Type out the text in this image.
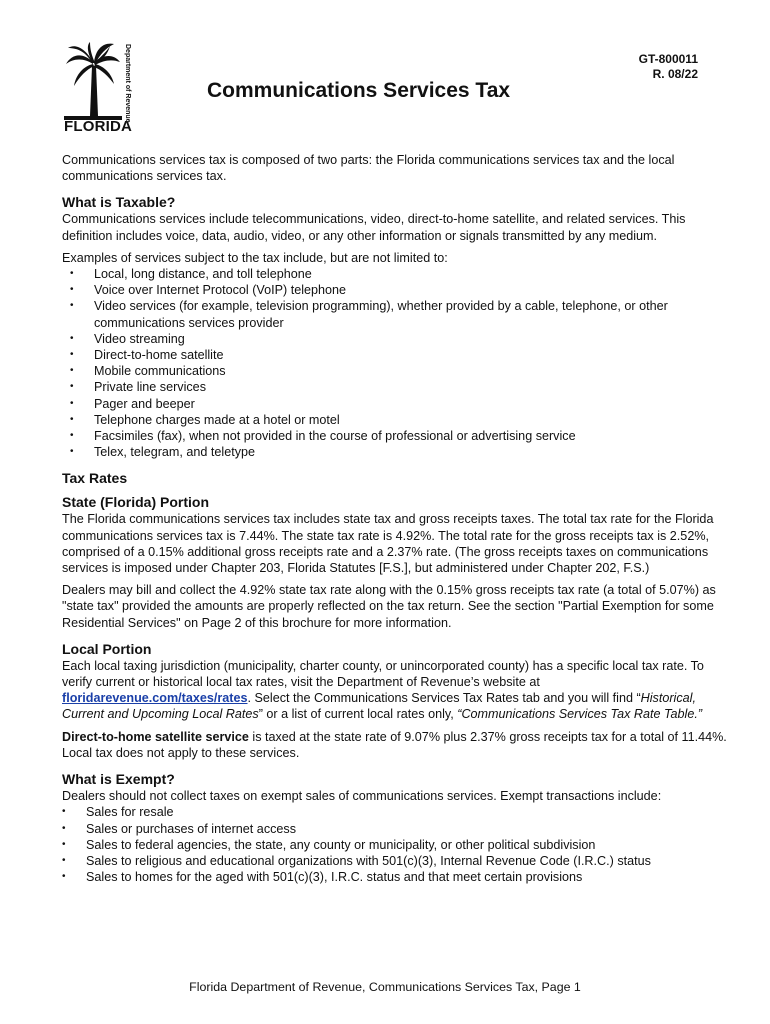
Department of Revenue
FLORIDA
GT-800011
R. 08/22
Communications Services Tax

Communications services tax is composed of two parts: the Florida communications services tax and the local communications services tax.

What is Taxable?

Communications services include telecommunications, video, direct-to-home satellite, and related services. This definition includes voice, data, audio, video, or any other information or signals transmitted by any medium.

Examples of services subject to the tax include, but are not limited to:

• Local, long distance, and toll telephone
• Voice over Internet Protocol (VoIP) telephone
• Video services (for example, television programming), whether provided by a cable, telephone, or other communications services provider
• Video streaming
• Direct-to-home satellite
• Mobile communications
• Private line services
• Pager and beeper
• Telephone charges made at a hotel or motel
• Facsimiles (fax), when not provided in the course of professional or advertising service
• Telex, telegram, and teletype
Tax Rates
State (Florida) Portion

The Florida communications services tax includes state tax and gross receipts taxes. The total tax rate for the Florida communications services tax is 7.44%. The state tax rate is 4.92%. The total rate for the gross receipts tax is 2.52%, comprised of a 0.15% additional gross receipts rate and a 2.37% rate. (The gross receipts taxes on communications services is imposed under Chapter 203, Florida Statutes [F.S.], but administered under Chapter 202, F.S.)

Dealers may bill and collect the 4.92% state tax rate along with the 0.15% gross receipts tax rate (a total of 5.07%) as "state tax" provided the amounts are properly reflected on the tax return. See the section "Partial Exemption for some Residential Services" on Page 2 of this brochure for more information.

Local Portion

Each local taxing jurisdiction (municipality, charter county, or unincorporated county) has a specific local tax rate. To verify current or historical local tax rates, visit the Department of Revenue’s website at floridarevenue.com/taxes/rates. Select the Communications Services Tax Rates tab and you will find “Historical, Current and Upcoming Local Rates” or a list of current local rates only, “Communications Services Tax Rate Table.”

Direct-to-home satellite service is taxed at the state rate of 9.07% plus 2.37% gross receipts tax for a total of 11.44%. Local tax does not apply to these services.

What is Exempt?

Dealers should not collect taxes on exempt sales of communications services. Exempt transactions include:

• Sales for resale
• Sales or purchases of internet access
• Sales to federal agencies, the state, any county or municipality, or other political subdivision
• Sales to religious and educational organizations with 501(c)(3), Internal Revenue Code (I.R.C.) status
• Sales to homes for the aged with 501(c)(3), I.R.C. status and that meet certain provisions
Florida Department of Revenue, Communications Services Tax, Page 1
